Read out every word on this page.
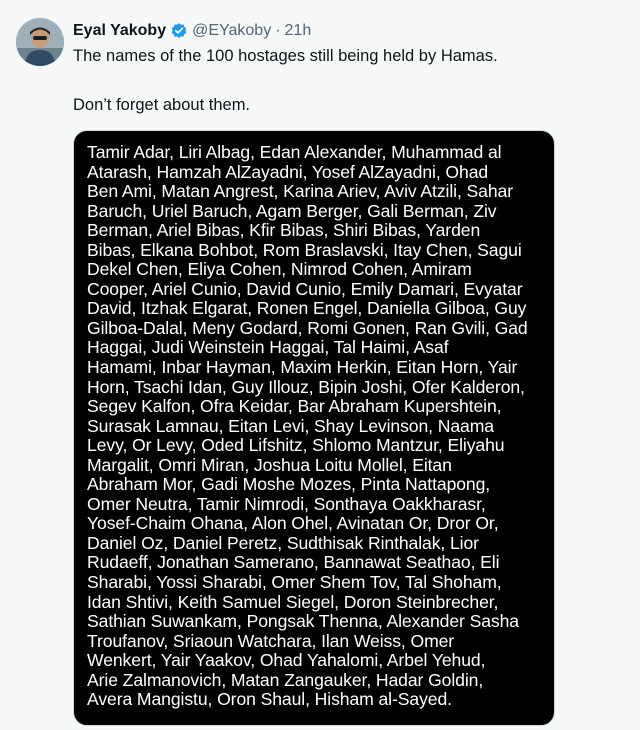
Eyal Yakoby @EYakoby · 21h
The names of the 100 hostages still being held by Hamas.
Don’t forget about them.
Tamir Adar, Liri Albag, Edan Alexander, Muhammad al
Atarash, Hamzah AlZayadni, Yosef AlZayadni, Ohad
Ben Ami, Matan Angrest, Karina Ariev, Aviv Atzili, Sahar
Baruch, Uriel Baruch, Agam Berger, Gali Berman, Ziv
Berman, Ariel Bibas, Kfir Bibas, Shiri Bibas, Yarden
Bibas, Elkana Bohbot, Rom Braslavski, Itay Chen, Sagui
Dekel Chen, Eliya Cohen, Nimrod Cohen, Amiram
Cooper, Ariel Cunio, David Cunio, Emily Damari, Evyatar
David, Itzhak Elgarat, Ronen Engel, Daniella Gilboa, Guy
Gilboa-Dalal, Meny Godard, Romi Gonen, Ran Gvili, Gad
Haggai, Judi Weinstein Haggai, Tal Haimi, Asaf
Hamami, Inbar Hayman, Maxim Herkin, Eitan Horn, Yair
Horn, Tsachi Idan, Guy Illouz, Bipin Joshi, Ofer Kalderon,
Segev Kalfon, Ofra Keidar, Bar Abraham Kupershtein,
Surasak Lamnau, Eitan Levi, Shay Levinson, Naama
Levy, Or Levy, Oded Lifshitz, Shlomo Mantzur, Eliyahu
Margalit, Omri Miran, Joshua Loitu Mollel, Eitan
Abraham Mor, Gadi Moshe Mozes, Pinta Nattapong,
Omer Neutra, Tamir Nimrodi, Sonthaya Oakkharasr,
Yosef-Chaim Ohana, Alon Ohel, Avinatan Or, Dror Or,
Daniel Oz, Daniel Peretz, Sudthisak Rinthalak, Lior
Rudaeff, Jonathan Samerano, Bannawat Seathao, Eli
Sharabi, Yossi Sharabi, Omer Shem Tov, Tal Shoham,
Idan Shtivi, Keith Samuel Siegel, Doron Steinbrecher,
Sathian Suwankam, Pongsak Thenna, Alexander Sasha
Troufanov, Sriaoun Watchara, Ilan Weiss, Omer
Wenkert, Yair Yaakov, Ohad Yahalomi, Arbel Yehud,
Arie Zalmanovich, Matan Zangauker, Hadar Goldin,
Avera Mangistu, Oron Shaul, Hisham al-Sayed.
